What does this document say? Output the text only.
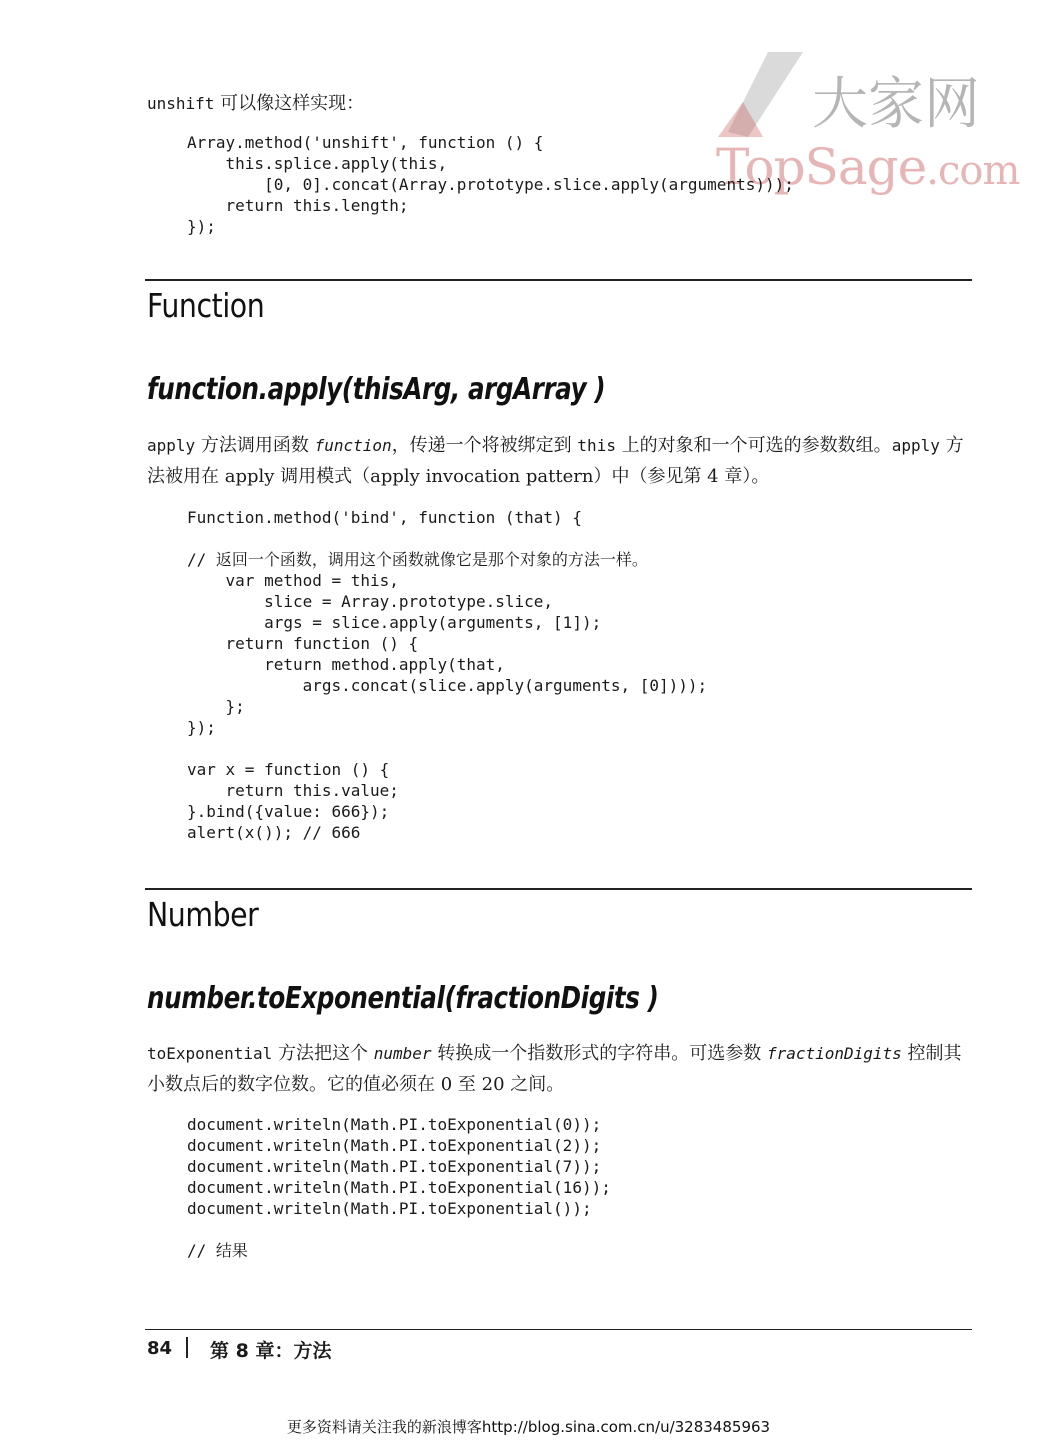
大家网
TopSage.com

unshift 可以像这样实现：

Array.method('unshift', function () {
this.splice.apply(this,
[0, 0].concat(Array.prototype.slice.apply(arguments)));
return this.length;
});
Function
function.apply(thisArg, argArray )

apply 方法调用函数 function，传递一个将被绑定到 this 上的对象和一个可选的参数数组。apply 方法被用在 apply 调用模式（apply invocation pattern）中（参见第 4 章）。

Function.method('bind', function (that) {

// 返回一个函数，调用这个函数就像它是那个对象的方法一样。
var method = this,
slice = Array.prototype.slice,
args = slice.apply(arguments, [1]);
return function () {
return method.apply(that,
args.concat(slice.apply(arguments, [0])));
};
});

var x = function () {
return this.value;
}.bind({value: 666});
alert(x()); // 666
Number
number.toExponential(fractionDigits )

toExponential 方法把这个 number 转换成一个指数形式的字符串。可选参数 fractionDigits 控制其小数点后的数字位数。它的值必须在 0 至 20 之间。

document.writeln(Math.PI.toExponential(0));
document.writeln(Math.PI.toExponential(2));
document.writeln(Math.PI.toExponential(7));
document.writeln(Math.PI.toExponential(16));
document.writeln(Math.PI.toExponential());

// 结果
84 第 8 章：方法
更多资料请关注我的新浪博客http://blog.sina.com.cn/u/3283485963
